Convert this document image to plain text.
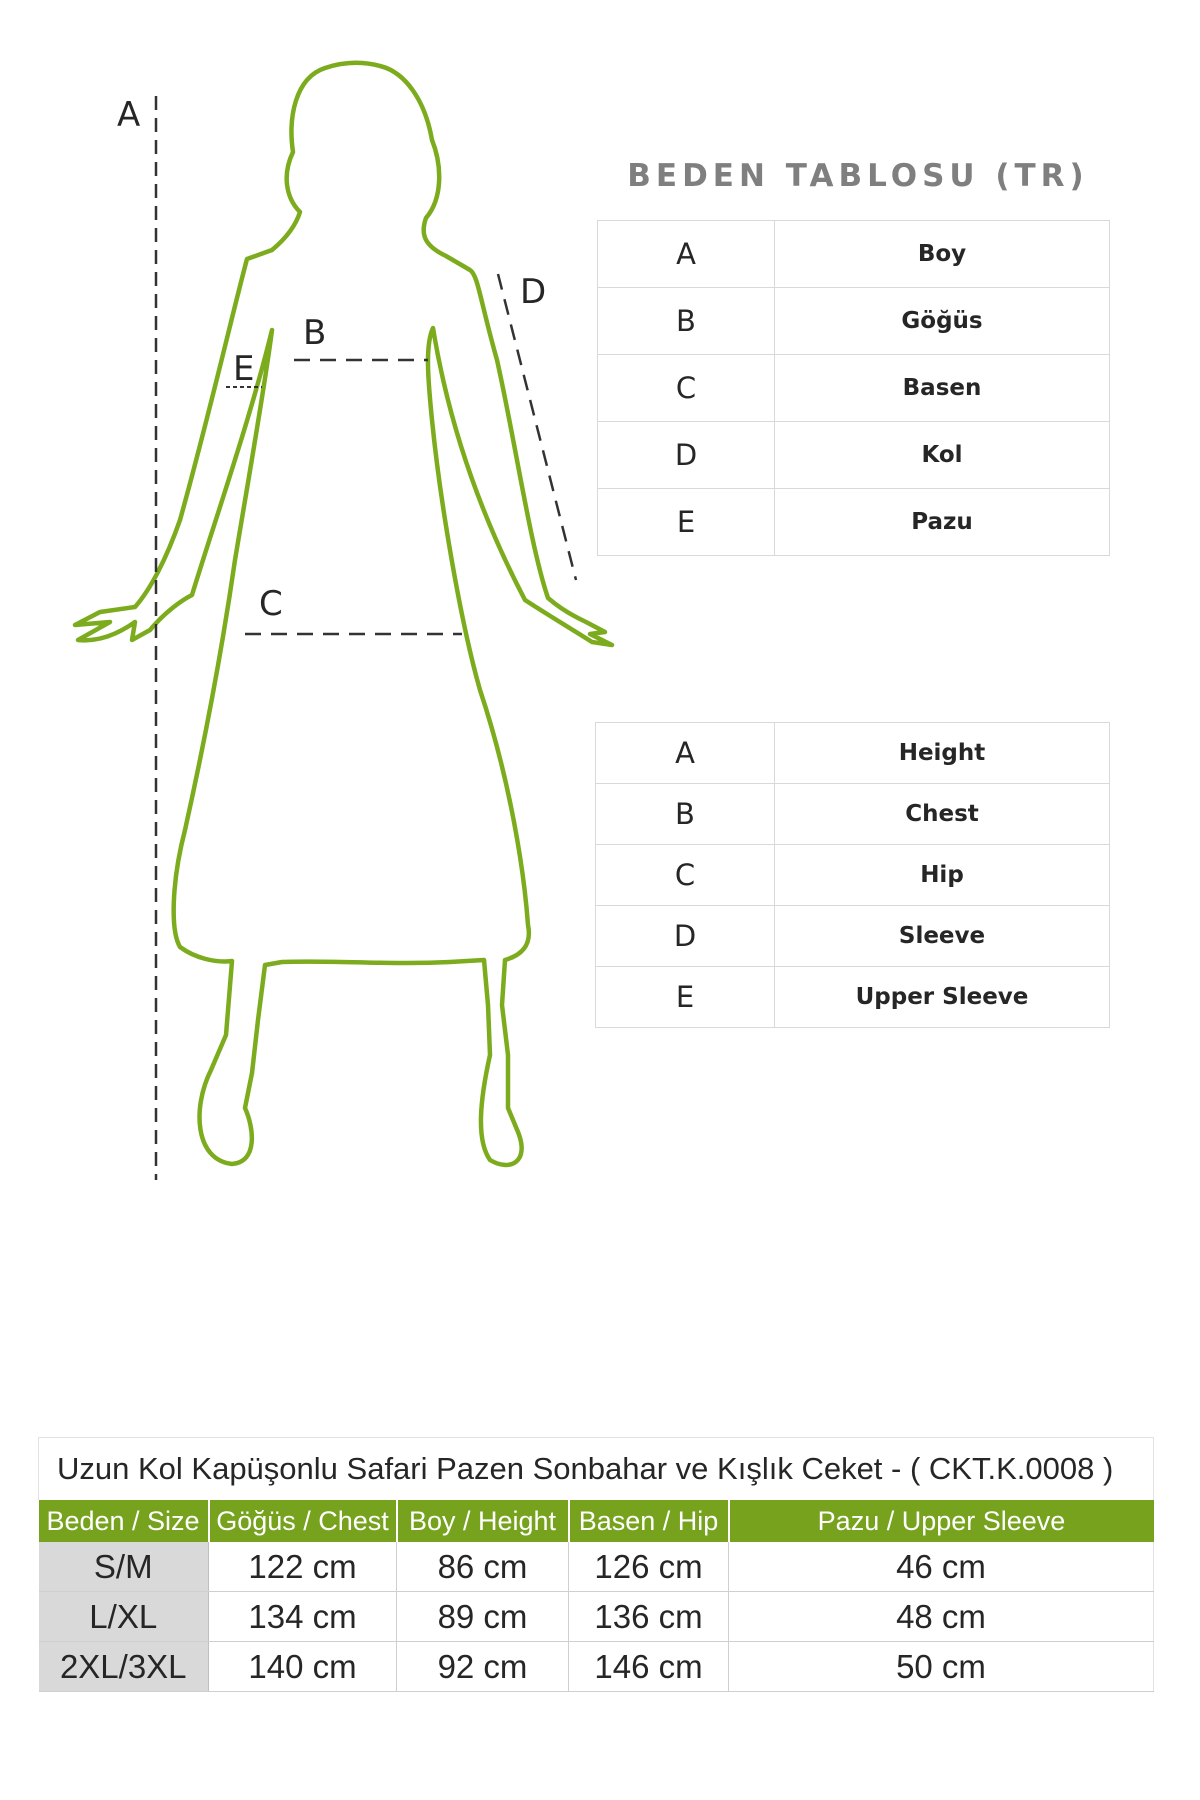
A
B
C
D
E
BEDEN TABLOSU (TR)
A	Boy
B	Göğüs
C	Basen
D	Kol
E	Pazu
A	Height
B	Chest
C	Hip
D	Sleeve
E	Upper Sleeve
Uzun Kol Kapüşonlu Safari Pazen Sonbahar ve Kışlık Ceket - ( CKT.K.0008 )				
Beden / Size	Göğüs / Chest	Boy / Height	Basen / Hip	Pazu / Upper Sleeve
S/M	122 cm	86 cm	126 cm	46 cm
L/XL	134 cm	89 cm	136 cm	48 cm
2XL/3XL	140 cm	92 cm	146 cm	50 cm
